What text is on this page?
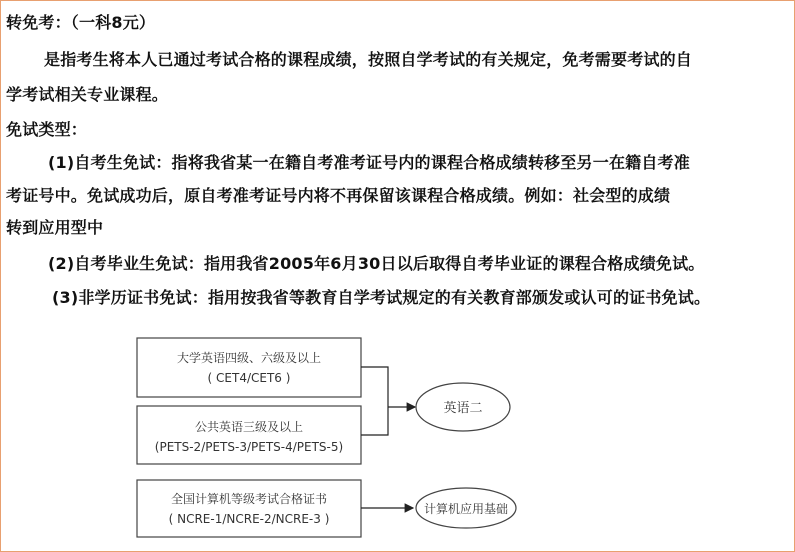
转免考：（一科8元）
是指考生将本人已通过考试合格的课程成绩，按照自学考试的有关规定，免考需要考试的自
学考试相关专业课程。
免试类型：
(1)自考生免试：指将我省某一在籍自考准考证号内的课程合格成绩转移至另一在籍自考准
考证号中。免试成功后，原自考准考证号内将不再保留该课程合格成绩。例如：社会型的成绩
转到应用型中
(2)自考毕业生免试：指用我省2005年6月30日以后取得自考毕业证的课程合格成绩免试。
(3)非学历证书免试：指用按我省等教育自学考试规定的有关教育部颁发或认可的证书免试。
大学英语四级、六级及以上
( CET4/CET6 )
公共英语三级及以上
(PETS-2/PETS-3/PETS-4/PETS-5)
全国计算机等级考试合格证书
( NCRE-1/NCRE-2/NCRE-3 )
英语二
计算机应用基础
